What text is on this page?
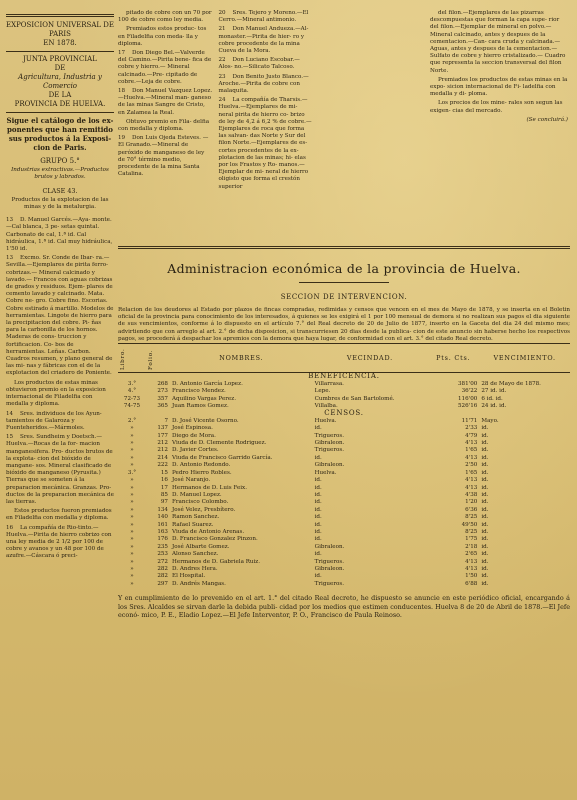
EXPOSICION UNIVERSAL DE PARIS
EN 1878.
JUNTA PROVINCIAL
DE
Agricultura, Industria y Comercio
DE LA
PROVINCIA DE HUELVA.
Sigue el catálogo de los ex-
ponentes que han remitido
sus productos á la Exposi-
cion de Paris.
GRUPO 5.°
Industrias extractivas.—Productos brutos y labrados.
CLASE 43.
Productos de la explotacion de las minas y de la metalurgia.
13 D. Manuel Garcés.—Aya- monte.—Cal blanca, 3 pe- setas quintal. Carbonato de cal, 1.ª id. Cal hidráulica, 1.ª id. Cal muy hidráulica, 1'50 id.
13 Excmo. Sr. Conde de Ibar- ra.—Sevilla.—Ejemplares de pirita ferro-cobrizas.— Mineral calcinado y lavado.— Francos con aguas cobrizas de grados y residuos. Ejem- plares de cemento lavado y calcinado. Mata. Cobre ne- gro. Cobre fino. Escorias. Cobre estirado á martillo. Modelos de herramientas. Lingote de hierro para la precipitacion del cobre. Pi- ñas para la carbonilla de los hornos. Maderas de cons- truccion y fortificacion. Co- bos de herramientas. Leñas. Carbon. Cuadros resumen, y plano general de las mi- nas y fábricas con el de la explotacion del criadero de Poniente.
Los productos de estas minas obtuvieron premio en la exposicion internacional de Filadelfia con medalla y diploma.
14 Sres. individuos de los Ayun- tamientos de Galaroza y Fuenteheridos.—Mármoles.
15 Sres. Sundheim y Doetsch.— Huelva.—Rocas de la for- macion manganesifera. Pro- ductos brutos de la explota- cion del bióxido de mangane- sos. Mineral clasificado de bióxido de manganeso (Pyrusita.) Tierras que se someten á la preparacion mecánica. Granzas. Pro- ductos de la preparacion mecánica de las tierras.
Estos productos fueron premiados en Filadelfia con medalla y diploma.
16 La compañía de Rio-tinto.— Huelva.—Pirita de hierro cobrizo con una ley media de 2 1/2 por 100 de cobre y avanos y un 48 por 100 de azufre.—Cáscara ó preci-
pitado de cobre con un 70 por 100 de cobre como ley media.
Premiados estos produc- tos en Filadelfia con meda- lla y diploma.
17 Don Diego Bel.—Valverde del Camino.—Pirita bene- fica de cobre y hierro.— Mineral calcinado.—Pre- cipitado de cobre.—Leja de cobre.
18 Don Manuel Vazquez Lopez. —Huelva.—Mineral man- ganeso de las minas Sangre de Cristo, en Zalamea la Real.
Obtuvo premio en Fila- delfia con medalla y diploma.
19 Don Luis Ojeda Esteves. —El Granado.—Mineral de peróxido de manganeso de ley de 70° término medio, procedente de la mina Santa Catalina.
20 Sres. Tejero y Moreno.—El Cerro.—Mineral antimonio.
21 Don Manuel Andueza.—Al- monaster.—Pirita de hier- ro y cobre procedente de la mina Cueva de la Mora.
22 Don Luciano Escobar.—Alos- no.—Silicato Talcoso.
23 Don Benito Justo Blanco.— Aroche.—Pirita de cobre con malaquita.
24 La compañía de Tharsis.— Huelva.—Ejemplares de mi- neral pirita de hierro co- brizo de ley de 4,2 á 6,2 % de cobre.—Ejemplares de roca que forma las salvan- das Norte y Sur del filon Norte.—Ejemplares de es- cortes procedentes de la ex- plotacion de las minas; hi- elas por los Frastos y Ro- manos.—Ejemplar de mi- neral de hierro oligisto que forma el crestón superior
del filon.—Ejemplares de las pizarras descompuestas que forman la capa supe- rior del filon.—Ejemplar de mineral en polvo.—Mineral calcinado, antes y despues de la cementacion.—Can- cara cruda y calcinada.— Aguas, antes y despues de la cementacion.—Sulfato de cobre y hierro cristalizado.— Cuadro que representa la seccion transversal del filon Norte.
Premiados los productos de estas minas en la expo- sicion internacional de Fi- ladelfia con medalla y di- ploma.
Los precios de los mine- rales son segun las exigen- cias del mercado.
(Se concluirá.)
Administracion económica de la provincia de Huelva.
SECCION DE INTERVENCION.
Relacion de los deudores al Estado por plazos de fincas compradas, redimidas y censos que vencen en el mes de Mayo de 1878, y se inserta en el Boletin oficial de la provincia para conocimiento de los interesados, á quienes se les exigirá el 1 por 100 mensual de demora si no realizan sus pagos el dia siguiente de sus vencimientos, conforme á lo dispuesto en el artículo 7.° del Real decreto de 20 de Julio de 1877, inserto en la Gaceta del dia 24 del mismo mes; advirtiendo que con arreglo al art. 2.° de dicha disposicion, si transcurriesen 20 dias desde la publica- cion de este anuncio sin haberse hecho los respectivos pagos, se procederá á despachar los apremios con la demora que haya lugar, de conformidad con el art. 3.° del citado Real decreto.
Libro.	Folio.	NOMBRES.	VECINDAD.	Pts. Cts.	VENCIMIENTO.
BENEFICENCIA.					
3.°	268	D. Antonio García Lopez.	Villarrasa.	381'00	28 de Mayo de 1878.
4.°	273	Francisco Mendez.	Lepe.	36'22	27 id. id.
72-73	357	Aquilino Vargas Perez.	Cumbres de San Bartolomé.	116'00	6 id. id.
74-75	365	Juan Ramos Gomez.	Villalba.	526'16	24 id. id.
CENSOS.					
2.°	7	D. José Vicente Osorno.	Huelva.	11'71	Mayo.
»	137	José Espinosa.	id.	2'33	id.
»	177	Diego de Mora.	Trigueros.	4'79	id.
»	212	Viuda de D. Clemente Rodriguez.	Gibraleon.	4'13	id.
»	212	D. Javier Cortes.	Trigueros.	1'65	id.
»	214	Viuda de Francisco Garrido García.	id.	4'13	id.
»	222	D. Antonio Redondo.	Gibraleon.	2'50	id.
3.°	15	Pedro Hierro Robles.	Huelva.	1'65	id.
»	16	José Naranjo.	id.	4'13	id.
»	17	Hermanos de D. Luis Feix.	id.	4'13	id.
»	85	D. Manuel Lopez.	id.	4'38	id.
»	97	Francisco Colombo.	id.	1'20	id.
»	134	José Velez, Presbítero.	id.	6'36	id.
»	140	Ramon Sanchez.	id.	8'25	id.
»	161	Rafael Suarez.	id.	49'50	id.
»	163	Viuda de Antonio Arenas.	id.	8'25	id.
»	176	D. Francisco Gonzalez Pinzon.	id.	1'75	id.
»	235	José Albarte Gomez.	Gibraleon.	2'18	id.
»	253	Alonso Sanchez.	id.	2'65	id.
»	272	Hermanos de D. Gabriela Ruiz.	Trigueros.	4'13	id.
»	282	D. Andres Hera.	Gibraleon.	4'13	id.
»	282	El Hospital.	id.	1'50	id.
»	297	D. Andrés Mangas.	Trigueros.	6'88	id.
Y en cumplimiento de lo prevenido en el art. 1.° del citado Real decreto, he dispuesto se anuncie en este periódico oficial, encargando á los Sres. Alcaldes se sirvan darle la debida publi- cidad por los medios que estimen conducentes. Huelva 8 de 20 de Abril de 1878.—El Jefe econó- mico, P. E., Eladio Lopez.—El Jefe Interventor, P. O., Francisco de Paula Reinoso.
